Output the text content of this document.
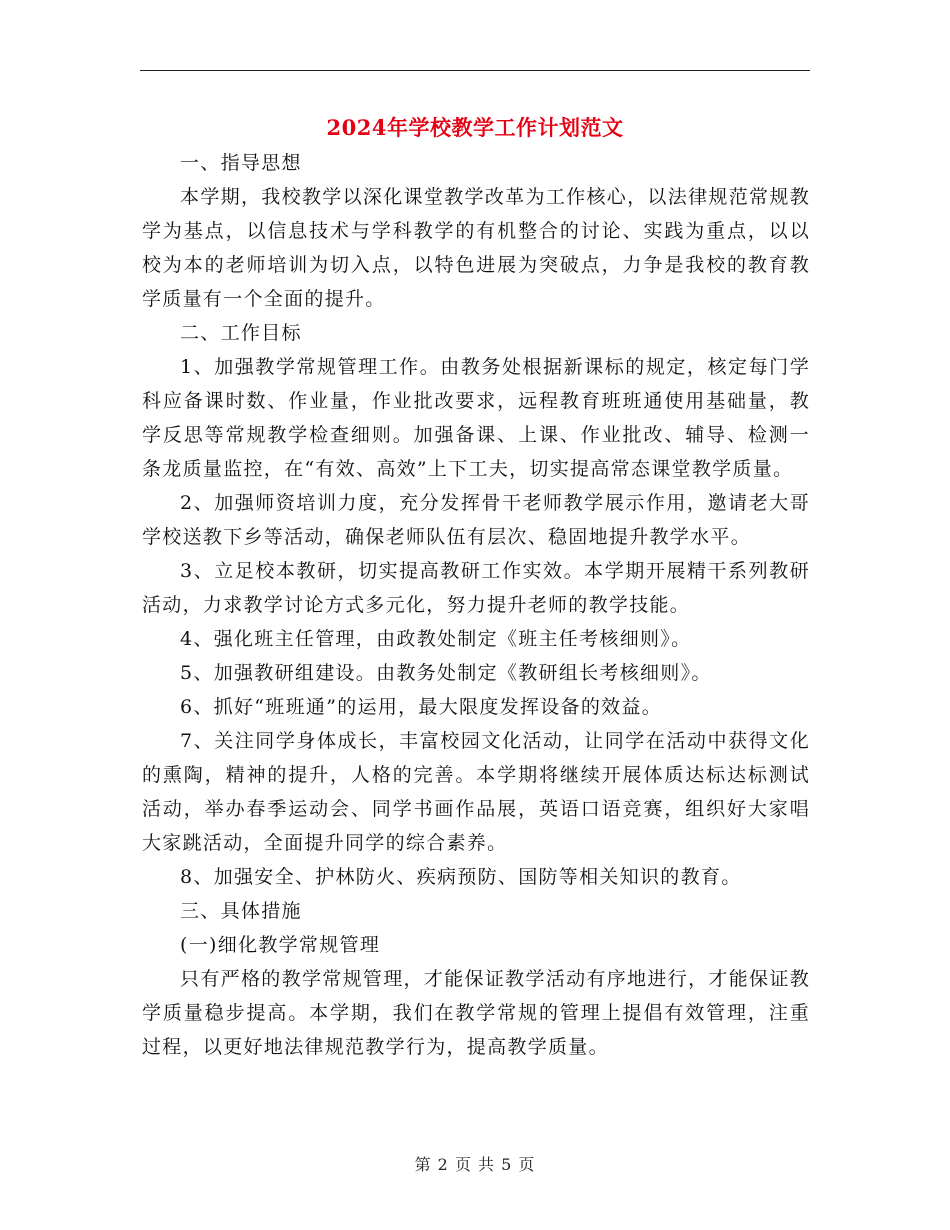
2024年学校教学工作计划范文

一、指导思想

本学期，我校教学以深化课堂教学改革为工作核心，以法律规范常规教学为基点，以信息技术与学科教学的有机整合的讨论、实践为重点，以以校为本的老师培训为切入点，以特色进展为突破点，力争是我校的教育教学质量有一个全面的提升。

二、工作目标

1、加强教学常规管理工作。由教务处根据新课标的规定，核定每门学科应备课时数、作业量，作业批改要求，远程教育班班通使用基础量，教学反思等常规教学检查细则。加强备课、上课、作业批改、辅导、检测一条龙质量监控，在“有效、高效”上下工夫，切实提高常态课堂教学质量。

2、加强师资培训力度，充分发挥骨干老师教学展示作用，邀请老大哥学校送教下乡等活动，确保老师队伍有层次、稳固地提升教学水平。

3、立足校本教研，切实提高教研工作实效。本学期开展精干系列教研活动，力求教学讨论方式多元化，努力提升老师的教学技能。

4、强化班主任管理，由政教处制定《班主任考核细则》。

5、加强教研组建设。由教务处制定《教研组长考核细则》。

6、抓好“班班通”的运用，最大限度发挥设备的效益。

7、关注同学身体成长，丰富校园文化活动，让同学在活动中获得文化的熏陶，精神的提升，人格的完善。本学期将继续开展体质达标达标测试活动，举办春季运动会、同学书画作品展，英语口语竞赛，组织好大家唱大家跳活动，全面提升同学的综合素养。

8、加强安全、护林防火、疾病预防、国防等相关知识的教育。

三、具体措施

(一)细化教学常规管理

只有严格的教学常规管理，才能保证教学活动有序地进行，才能保证教学质量稳步提高。本学期，我们在教学常规的管理上提倡有效管理，注重过程，以更好地法律规范教学行为，提高教学质量。

第 2 页 共 5 页
